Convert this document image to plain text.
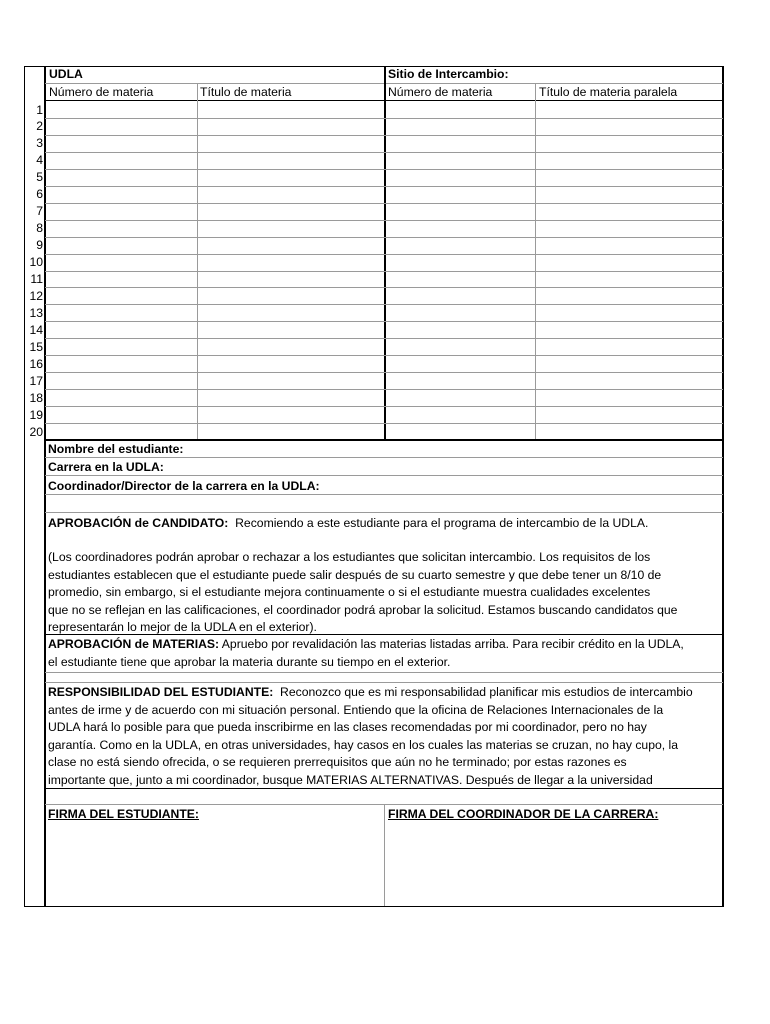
UDLA	Sitio de Intercambio:
Número de materia	Título de materia	Número de materia	Título de materia paralela
1
2
3
4
5
6
7
8
9
10
11
12
13
14
15
16
17
18
19
20
Nombre del estudiante:
Carrera en la UDLA:
Coordinador/Director de la carrera en la UDLA:
APROBACIÓN de CANDIDATO: Recomiendo a este estudiante para el programa de intercambio de la UDLA.
(Los coordinadores podrán aprobar o rechazar a los estudiantes que solicitan intercambio. Los requisitos de los
estudiantes establecen que el estudiante puede salir después de su cuarto semestre y que debe tener un 8/10 de
promedio, sin embargo, si el estudiante mejora continuamente o si el estudiante muestra cualidades excelentes
que no se reflejan en las calificaciones, el coordinador podrá aprobar la solicitud. Estamos buscando candidatos que
representarán lo mejor de la UDLA en el exterior).
APROBACIÓN de MATERIAS: Apruebo por revalidación las materias listadas arriba. Para recibir crédito en la UDLA,
el estudiante tiene que aprobar la materia durante su tiempo en el exterior.
RESPONSIBILIDAD DEL ESTUDIANTE: Reconozco que es mi responsabilidad planificar mis estudios de intercambio
antes de irme y de acuerdo con mi situación personal. Entiendo que la oficina de Relaciones Internacionales de la
UDLA hará lo posible para que pueda inscribirme en las clases recomendadas por mi coordinador, pero no hay
garantía. Como en la UDLA, en otras universidades, hay casos en los cuales las materias se cruzan, no hay cupo, la
clase no está siendo ofrecida, o se requieren prerrequisitos que aún no he terminado; por estas razones es
importante que, junto a mi coordinador, busque MATERIAS ALTERNATIVAS. Después de llegar a la universidad
FIRMA DEL ESTUDIANTE:	FIRMA DEL COORDINADOR DE LA CARRERA:
